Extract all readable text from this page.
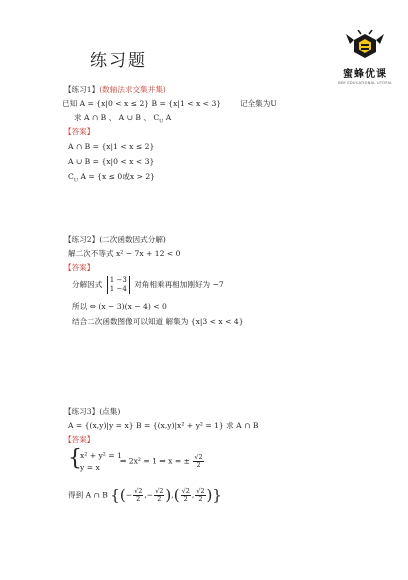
练习题
蜜蜂优课
BEE EDUCATIONAL UTOPIA
【练习1】(数轴法求交集并集)
已知 A = {x|0 < x ≤ 2} B = {x|1 < x < 3} 记全集为U
求 A ∩ B 、 A ∪ B 、 $C_U$ A
【答案】
A ∩ B = {x|1 < x ≤ 2}
A ∪ B = {x|0 < x < 3}
$C_U$ A = {x ≤ 0或x > 2}
【练习2】(二次函数因式分解)
解二次不等式 x² − 7x + 12 < 0
【答案】
分解因式 1 −3
1 −4 对角相乘再相加刚好为 −7
所以 ⇔ (x − 3)(x − 4) < 0
结合二次函数图像可以知道 解集为 {x|3 < x < 4}
【练习3】(点集)
A = {(x,y)|y = x} B = {(x,y)|x² + y² = 1} 求 A ∩ B
【答案】
{
x² + y² = 1
y = x
⇒ 2x² = 1 ⇒ x = ± $\frac{√2}{2}$
得到 A ∩ B {(− $\frac{√2}{2}$ ,− $\frac{√2}{2}$ ),( $\frac{√2}{2}$ , $\frac{√2}{2}$ )}
